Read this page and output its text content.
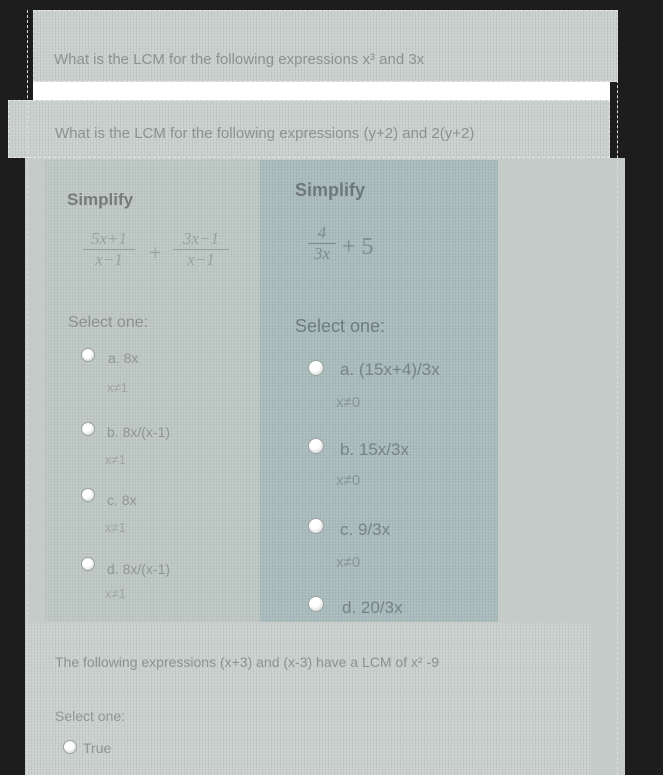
What is the LCM for the following expressions x³ and 3x
What is the LCM for the following expressions (y+2) and 2(y+2)
Simplify
5x+1
x−1	+
3x−1
x−1
Select one:
a. 8x
x≠1
b. 8x/(x-1)
x≠1
c. 8x
x≠1
d. 8x/(x-1)
x≠1
Simplify
4
3x + 5
Select one:
a. (15x+4)/3x
x≠0
b. 15x/3x
x≠0
c. 9/3x
x≠0
d. 20/3x
The following expressions (x+3) and (x-3) have a LCM of x² -9
Select one:
True
